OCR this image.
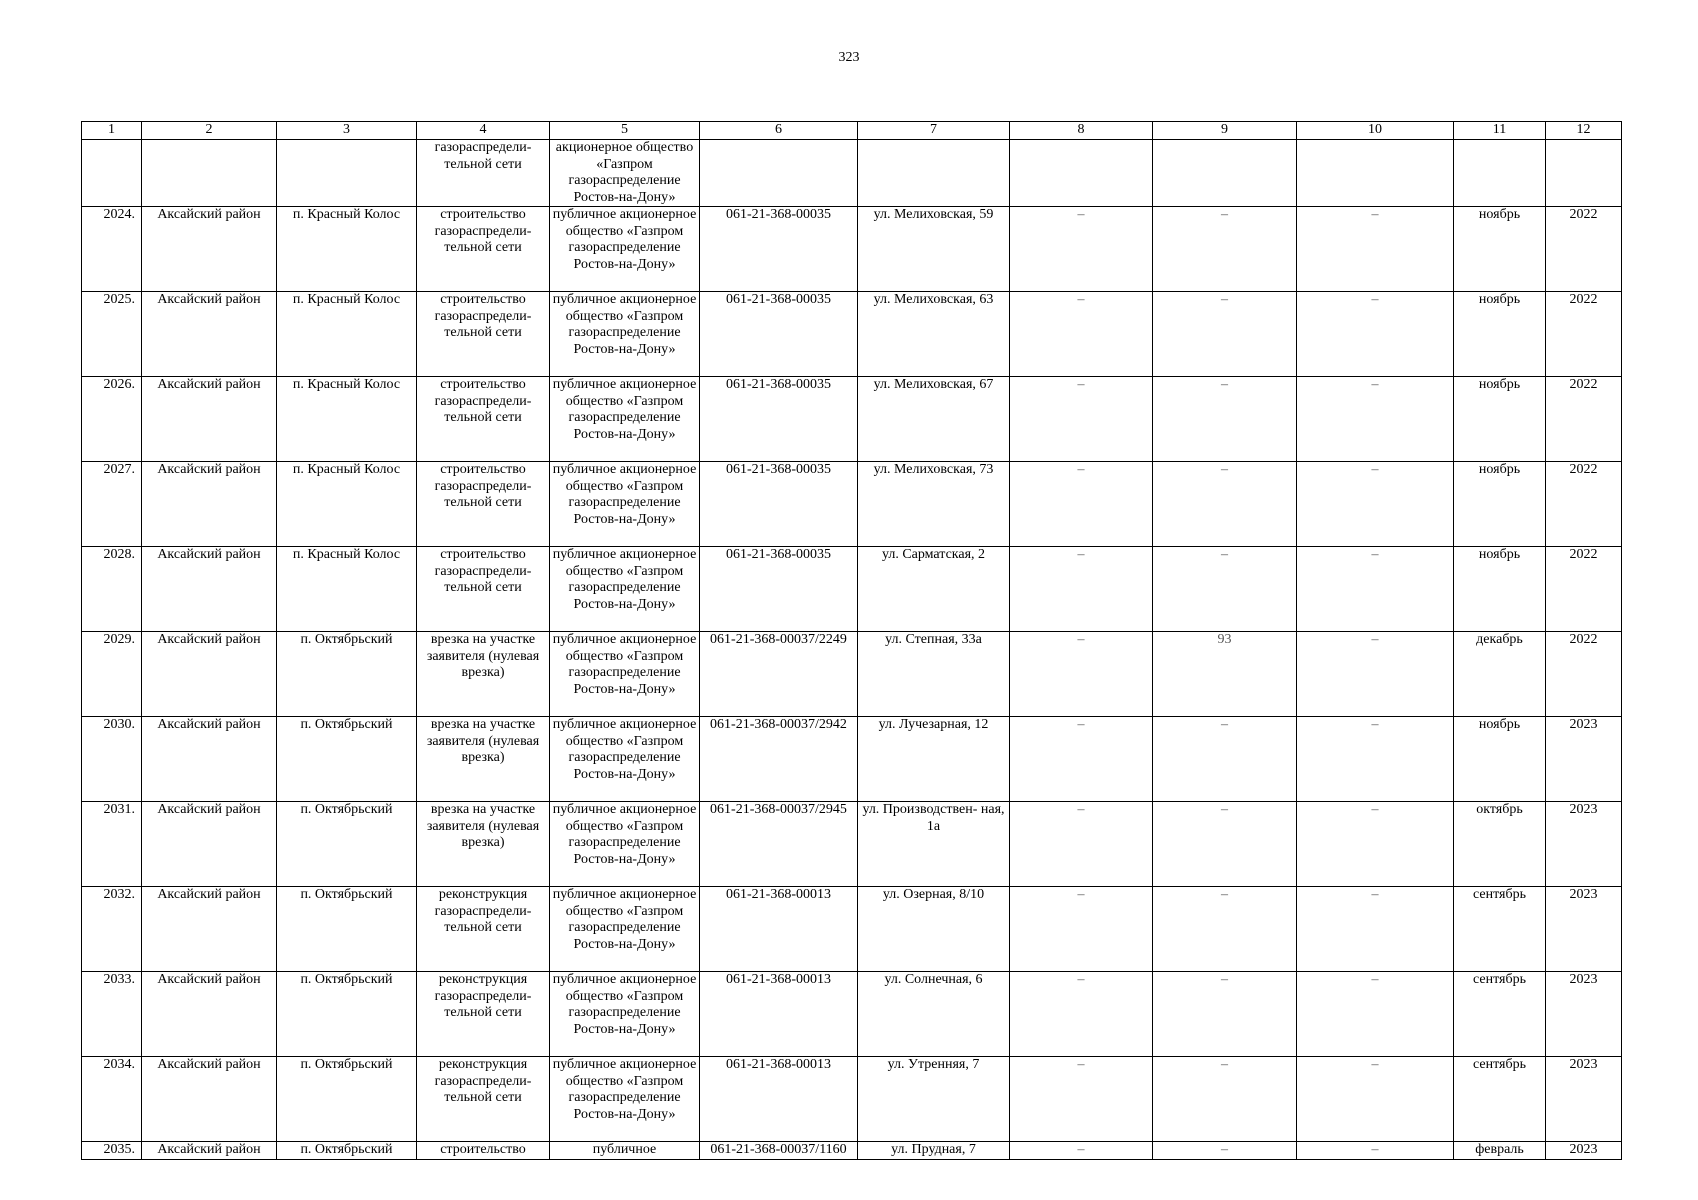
323
1	2	3	4	5	6	7	8	9	10	11	12
			газораспредели- тельной сети	акционерное общество «Газпром газораспределение Ростов-на-Дону»							
2024.	Аксайский район	п. Красный Колос	строительство газораспредели- тельной сети	публичное акционерное общество «Газпром газораспределение Ростов-на-Дону»	061-21-368-00035	ул. Мелиховская, 59	–	–	–	ноябрь	2022
2025.	Аксайский район	п. Красный Колос	строительство газораспредели- тельной сети	публичное акционерное общество «Газпром газораспределение Ростов-на-Дону»	061-21-368-00035	ул. Мелиховская, 63	–	–	–	ноябрь	2022
2026.	Аксайский район	п. Красный Колос	строительство газораспредели- тельной сети	публичное акционерное общество «Газпром газораспределение Ростов-на-Дону»	061-21-368-00035	ул. Мелиховская, 67	–	–	–	ноябрь	2022
2027.	Аксайский район	п. Красный Колос	строительство газораспредели- тельной сети	публичное акционерное общество «Газпром газораспределение Ростов-на-Дону»	061-21-368-00035	ул. Мелиховская, 73	–	–	–	ноябрь	2022
2028.	Аксайский район	п. Красный Колос	строительство газораспредели- тельной сети	публичное акционерное общество «Газпром газораспределение Ростов-на-Дону»	061-21-368-00035	ул. Сарматская, 2	–	–	–	ноябрь	2022
2029.	Аксайский район	п. Октябрьский	врезка на участке заявителя (нулевая врезка)	публичное акционерное общество «Газпром газораспределение Ростов-на-Дону»	061-21-368-00037/2249	ул. Степная, 33а	–	93	–	декабрь	2022
2030.	Аксайский район	п. Октябрьский	врезка на участке заявителя (нулевая врезка)	публичное акционерное общество «Газпром газораспределение Ростов-на-Дону»	061-21-368-00037/2942	ул. Лучезарная, 12	–	–	–	ноябрь	2023
2031.	Аксайский район	п. Октябрьский	врезка на участке заявителя (нулевая врезка)	публичное акционерное общество «Газпром газораспределение Ростов-на-Дону»	061-21-368-00037/2945	ул. Производствен- ная, 1а	–	–	–	октябрь	2023
2032.	Аксайский район	п. Октябрьский	реконструкция газораспредели- тельной сети	публичное акционерное общество «Газпром газораспределение Ростов-на-Дону»	061-21-368-00013	ул. Озерная, 8/10	–	–	–	сентябрь	2023
2033.	Аксайский район	п. Октябрьский	реконструкция газораспредели- тельной сети	публичное акционерное общество «Газпром газораспределение Ростов-на-Дону»	061-21-368-00013	ул. Солнечная, 6	–	–	–	сентябрь	2023
2034.	Аксайский район	п. Октябрьский	реконструкция газораспредели- тельной сети	публичное акционерное общество «Газпром газораспределение Ростов-на-Дону»	061-21-368-00013	ул. Утренняя, 7	–	–	–	сентябрь	2023
2035.	Аксайский район	п. Октябрьский	строительство	публичное	061-21-368-00037/1160	ул. Прудная, 7	–	–	–	февраль	2023
